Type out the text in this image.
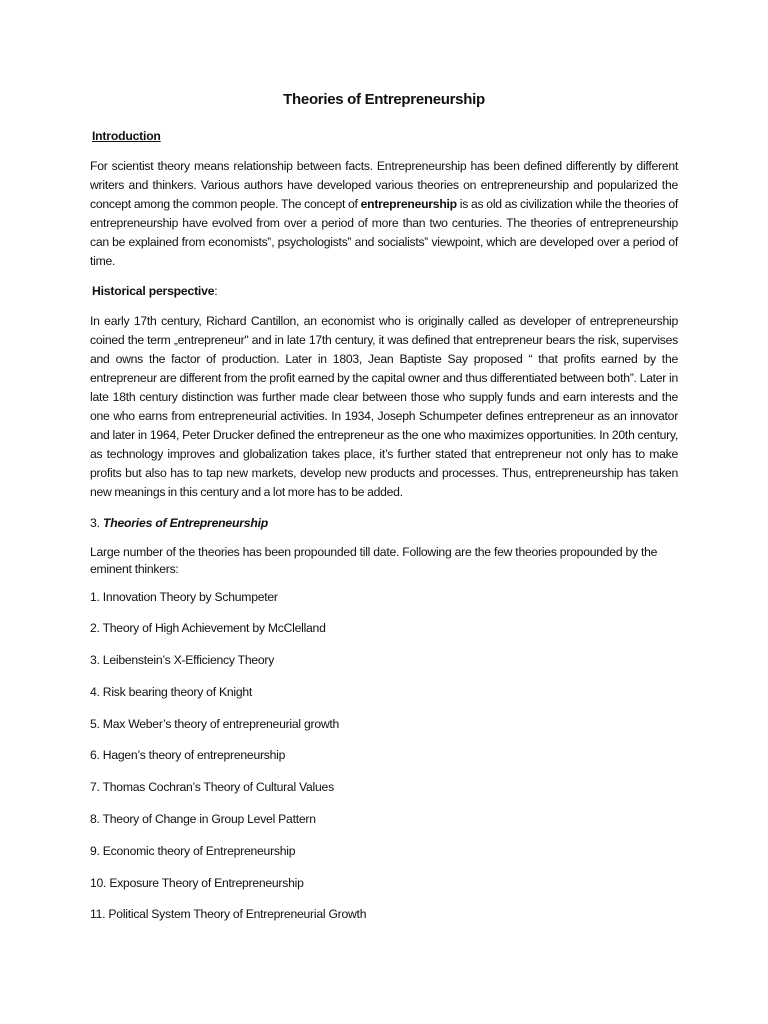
Theories of Entrepreneurship
Introduction

For scientist theory means relationship between facts. Entrepreneurship has been defined differently by different writers and thinkers. Various authors have developed various theories on entrepreneurship and popularized the concept among the common people. The concept of entrepreneurship is as old as civilization while the theories of entrepreneurship have evolved from over a period of more than two centuries. The theories of entrepreneurship can be explained from economists‟, psychologists‟ and socialists‟ viewpoint, which are developed over a period of time.

Historical perspective:

In early 17th century, Richard Cantillon, an economist who is originally called as developer of entrepreneurship coined the term „entrepreneur" and in late 17th century, it was defined that entrepreneur bears the risk, supervises and owns the factor of production. Later in 1803, Jean Baptiste Say proposed “ that profits earned by the entrepreneur are different from the profit earned by the capital owner and thus differentiated between both”. Later in late 18th century distinction was further made clear between those who supply funds and earn interests and the one who earns from entrepreneurial activities. In 1934, Joseph Schumpeter defines entrepreneur as an innovator and later in 1964, Peter Drucker defined the entrepreneur as the one who maximizes opportunities. In 20th century, as technology improves and globalization takes place, it’s further stated that entrepreneur not only has to make profits but also has to tap new markets, develop new products and processes. Thus, entrepreneurship has taken new meanings in this century and a lot more has to be added.

3. Theories of Entrepreneurship

Large number of the theories has been propounded till date. Following are the few theories propounded by the eminent thinkers:

1. Innovation Theory by Schumpeter
2. Theory of High Achievement by McClelland
3. Leibenstein’s X-Efficiency Theory
4. Risk bearing theory of Knight
5. Max Weber’s theory of entrepreneurial growth
6. Hagen’s theory of entrepreneurship
7. Thomas Cochran’s Theory of Cultural Values
8. Theory of Change in Group Level Pattern
9. Economic theory of Entrepreneurship
10. Exposure Theory of Entrepreneurship
11. Political System Theory of Entrepreneurial Growth
